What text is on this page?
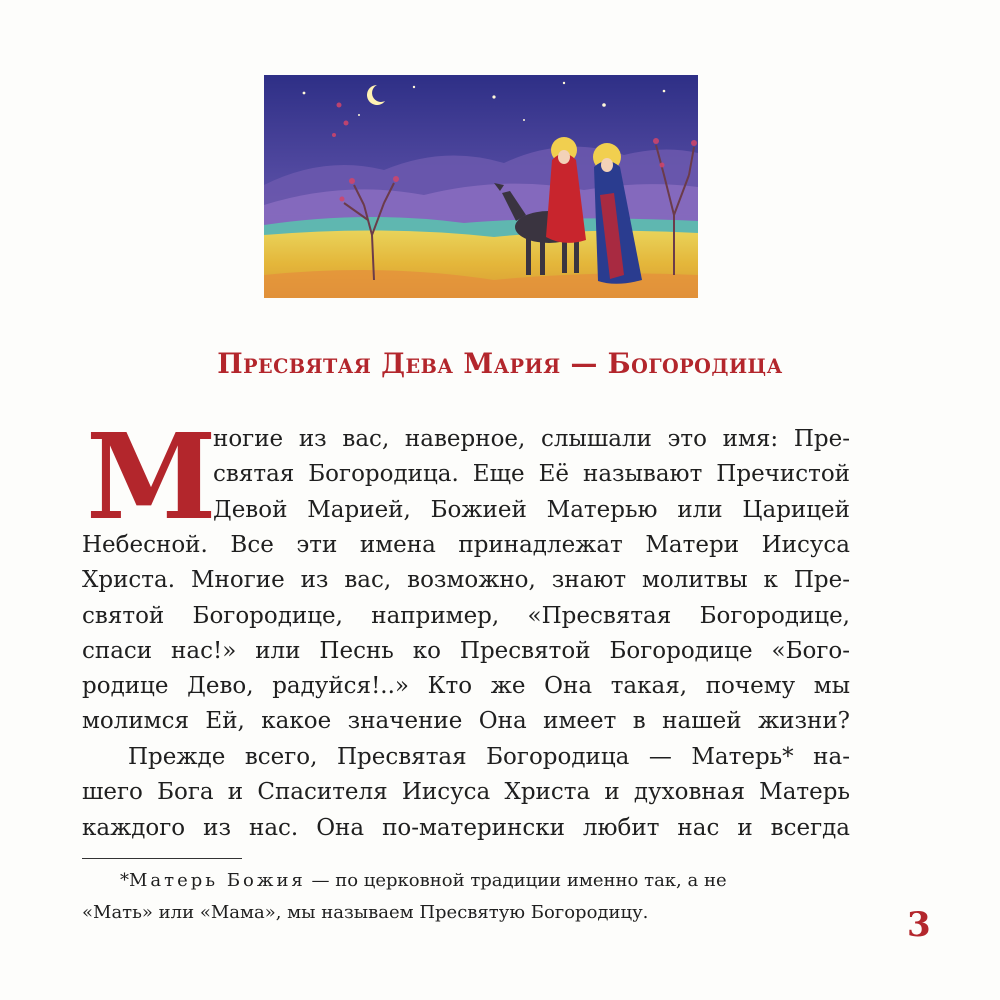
Пресвятая Дева Мария — Богородица
М
ногие из вас, наверное, слышали это имя: Пре-
святая Богородица. Еще Её называют Пречистой
Девой Марией, Божией Матерью или Царицей
Небесной. Все эти имена принадлежат Матери Иисуса
Христа. Многие из вас, возможно, знают молитвы к Пре-
святой Богородице, например, «Пресвятая Богородице,
спаси нас!» или Песнь ко Пресвятой Богородице «Бого-
родице Дево, радуйся!..» Кто же Она такая, почему мы
молимся Ей, какое значение Она имеет в нашей жизни?
Прежде всего, Пресвятая Богородица — Матерь* на-
шего Бога и Спасителя Иисуса Христа и духовная Матерь
каждого из нас. Она по-матерински любит нас и всегда
*Матерь Божия — по церковной традиции именно так, а не
«Мать» или «Мама», мы называем Пресвятую Богородицу.	3
